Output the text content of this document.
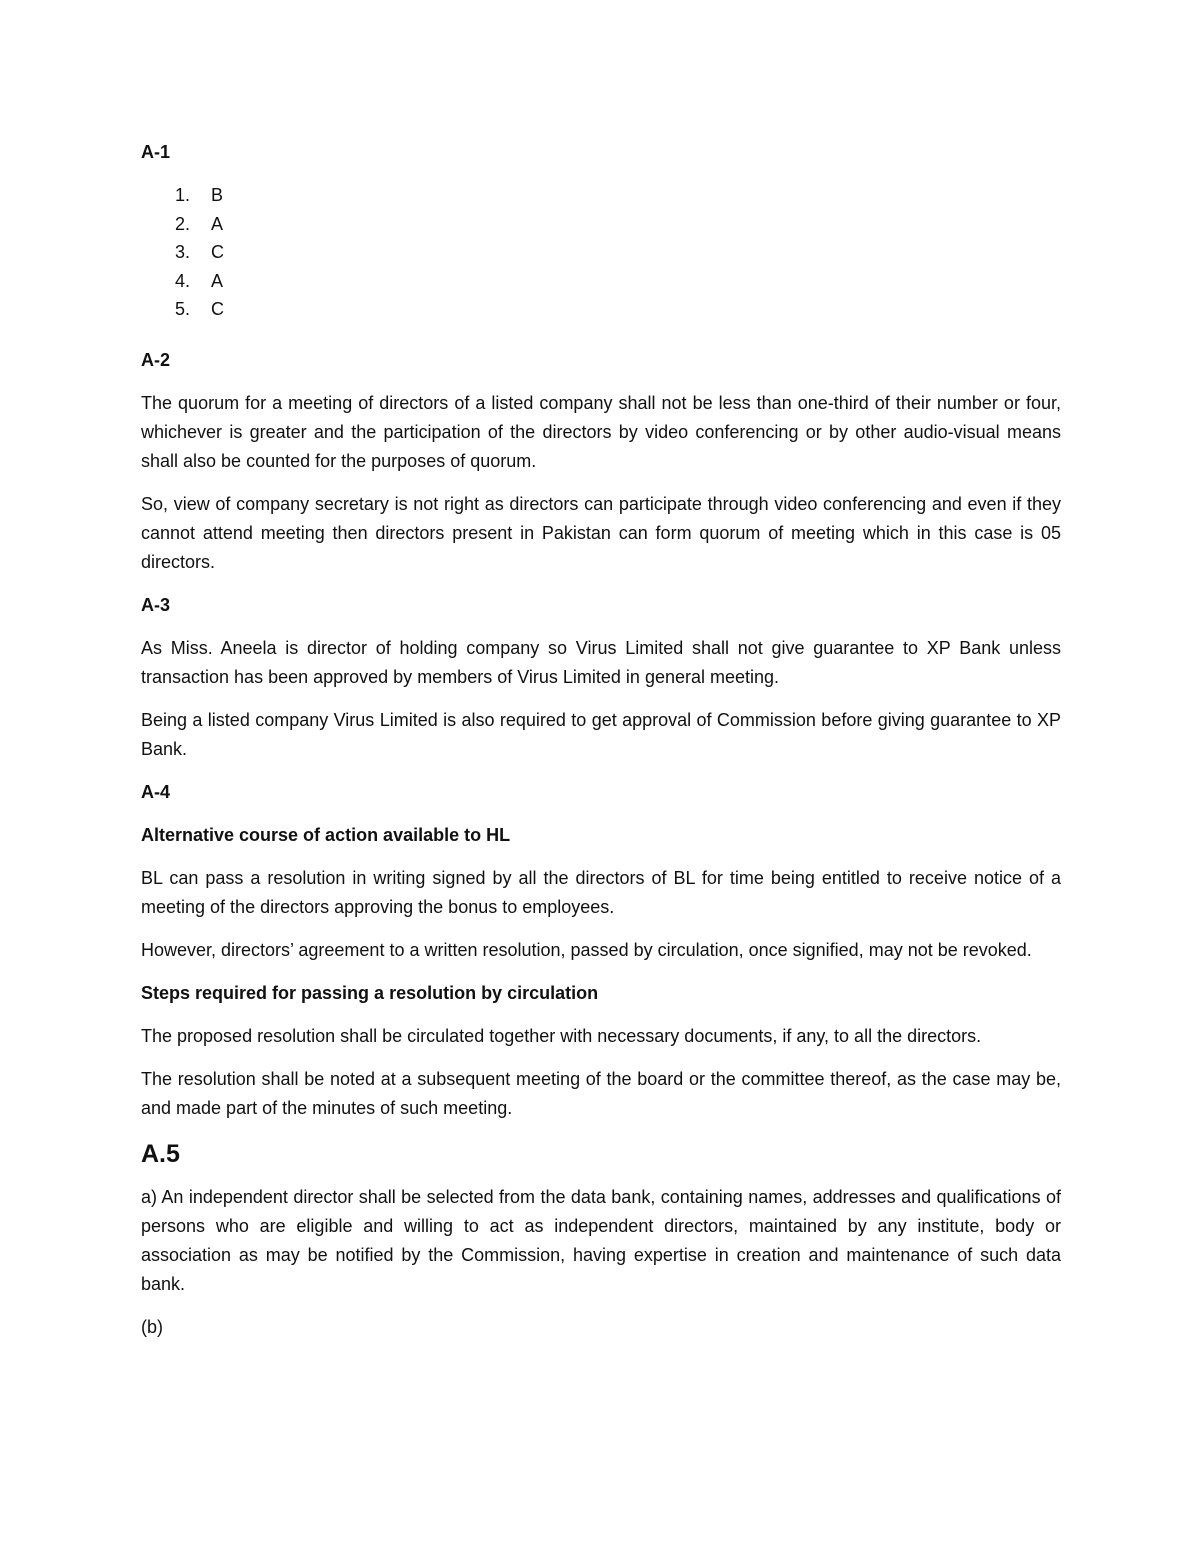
A-1
1.	B
2.	A
3.	C
4.	A
5.	C
A-2

The quorum for a meeting of directors of a listed company shall not be less than one-third of their number or four, whichever is greater and the participation of the directors by video conferencing or by other audio-visual means shall also be counted for the purposes of quorum.

So, view of company secretary is not right as directors can participate through video conferencing and even if they cannot attend meeting then directors present in Pakistan can form quorum of meeting which in this case is 05 directors.

A-3

As Miss. Aneela is director of holding company so Virus Limited shall not give guarantee to XP Bank unless transaction has been approved by members of Virus Limited in general meeting.

Being a listed company Virus Limited is also required to get approval of Commission before giving guarantee to XP Bank.

A-4
Alternative course of action available to HL

BL can pass a resolution in writing signed by all the directors of BL for time being entitled to receive notice of a meeting of the directors approving the bonus to employees.

However, directors’ agreement to a written resolution, passed by circulation, once signified, may not be revoked.

Steps required for passing a resolution by circulation

The proposed resolution shall be circulated together with necessary documents, if any, to all the directors.

The resolution shall be noted at a subsequent meeting of the board or the committee thereof, as the case may be, and made part of the minutes of such meeting.

A.5

a) An independent director shall be selected from the data bank, containing names, addresses and qualifications of persons who are eligible and willing to act as independent directors, maintained by any institute, body or association as may be notified by the Commission, having expertise in creation and maintenance of such data bank.

(b)
